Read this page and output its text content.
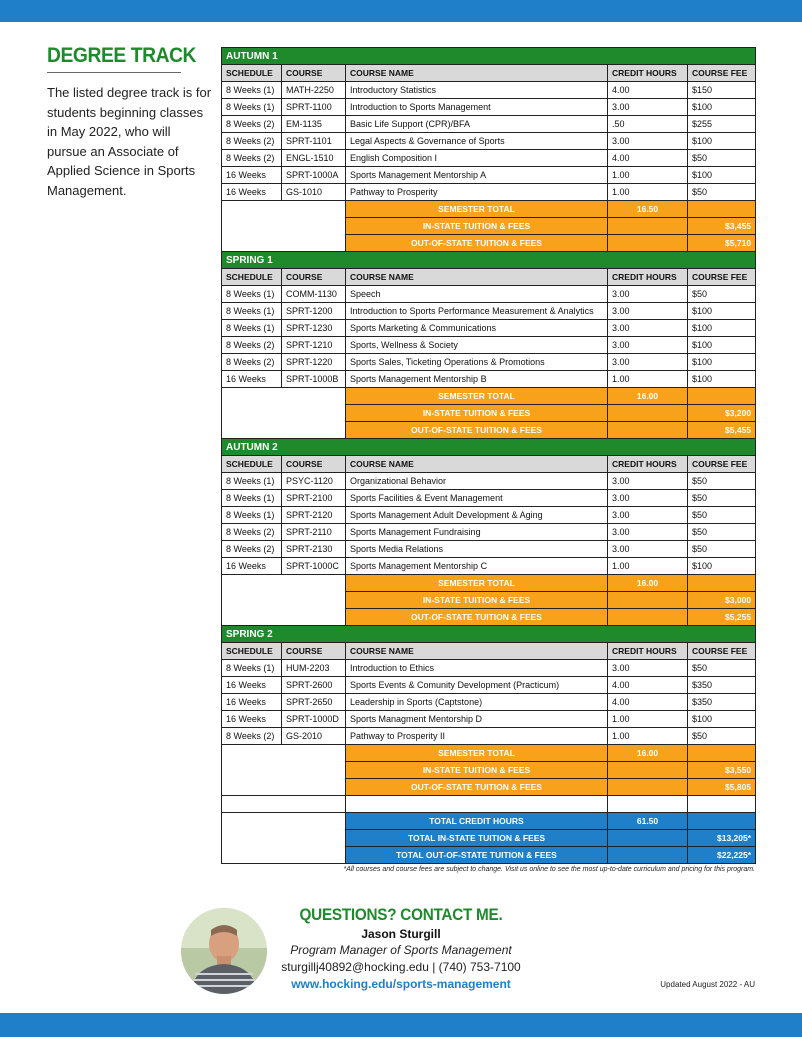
DEGREE TRACK
The listed degree track is for students beginning classes in May 2022, who will pursue an Associate of Applied Science in Sports Management.
AUTUMN 1				
SCHEDULE	COURSE	COURSE NAME	CREDIT HOURS	COURSE FEE
8 Weeks (1)	MATH-2250	Introductory Statistics	4.00	$150
8 Weeks (1)	SPRT-1100	Introduction to Sports Management	3.00	$100
8 Weeks (2)	EM-1135	Basic Life Support (CPR)/BFA	.50	$255
8 Weeks (2)	SPRT-1101	Legal Aspects & Governance of Sports	3.00	$100
8 Weeks (2)	ENGL-1510	English Composition I	4.00	$50
16 Weeks	SPRT-1000A	Sports Management Mentorship A	1.00	$100
16 Weeks	GS-1010	Pathway to Prosperity	1.00	$50
		SEMESTER TOTAL	16.50	
		IN-STATE TUITION & FEES		$3,455
		OUT-OF-STATE TUITION & FEES		$5,710
SPRING 1				
SCHEDULE	COURSE	COURSE NAME	CREDIT HOURS	COURSE FEE
8 Weeks (1)	COMM-1130	Speech	3.00	$50
8 Weeks (1)	SPRT-1200	Introduction to Sports Performance Measurement & Analytics	3.00	$100
8 Weeks (1)	SPRT-1230	Sports Marketing & Communications	3.00	$100
8 Weeks (2)	SPRT-1210	Sports, Wellness & Society	3.00	$100
8 Weeks (2)	SPRT-1220	Sports Sales, Ticketing Operations & Promotions	3.00	$100
16 Weeks	SPRT-1000B	Sports Management Mentorship B	1.00	$100
		SEMESTER TOTAL	16.00	
		IN-STATE TUITION & FEES		$3,200
		OUT-OF-STATE TUITION & FEES		$5,455
AUTUMN 2				
SCHEDULE	COURSE	COURSE NAME	CREDIT HOURS	COURSE FEE
8 Weeks (1)	PSYC-1120	Organizational Behavior	3.00	$50
8 Weeks (1)	SPRT-2100	Sports Facilities & Event Management	3.00	$50
8 Weeks (1)	SPRT-2120	Sports Management Adult Development & Aging	3.00	$50
8 Weeks (2)	SPRT-2110	Sports Management Fundraising	3.00	$50
8 Weeks (2)	SPRT-2130	Sports Media Relations	3.00	$50
16 Weeks	SPRT-1000C	Sports Management Mentorship C	1.00	$100
		SEMESTER TOTAL	16.00	
		IN-STATE TUITION & FEES		$3,000
		OUT-OF-STATE TUITION & FEES		$5,255
SPRING 2				
SCHEDULE	COURSE	COURSE NAME	CREDIT HOURS	COURSE FEE
8 Weeks (1)	HUM-2203	Introduction to Ethics	3.00	$50
16 Weeks	SPRT-2600	Sports Events & Comunity Development (Practicum)	4.00	$350
16 Weeks	SPRT-2650	Leadership in Sports (Captstone)	4.00	$350
16 Weeks	SPRT-1000D	Sports Managment Mentorship D	1.00	$100
8 Weeks (2)	GS-2010	Pathway to Prosperity II	1.00	$50
		SEMESTER TOTAL	16.00	
		IN-STATE TUITION & FEES		$3,550
		OUT-OF-STATE TUITION & FEES		$5,805

		TOTAL CREDIT HOURS	61.50	
		TOTAL IN-STATE TUITION & FEES		$13,205*
		TOTAL OUT-OF-STATE TUITION & FEES		$22,225*
*All courses and course fees are subject to change. Visit us online to see the most up-to-date curriculum and pricing for this program.
QUESTIONS? CONTACT ME.
Jason Sturgill
Program Manager of Sports Management
sturgillj40892@hocking.edu | (740) 753-7100
www.hocking.edu/sports-management	Updated August 2022 - AU
